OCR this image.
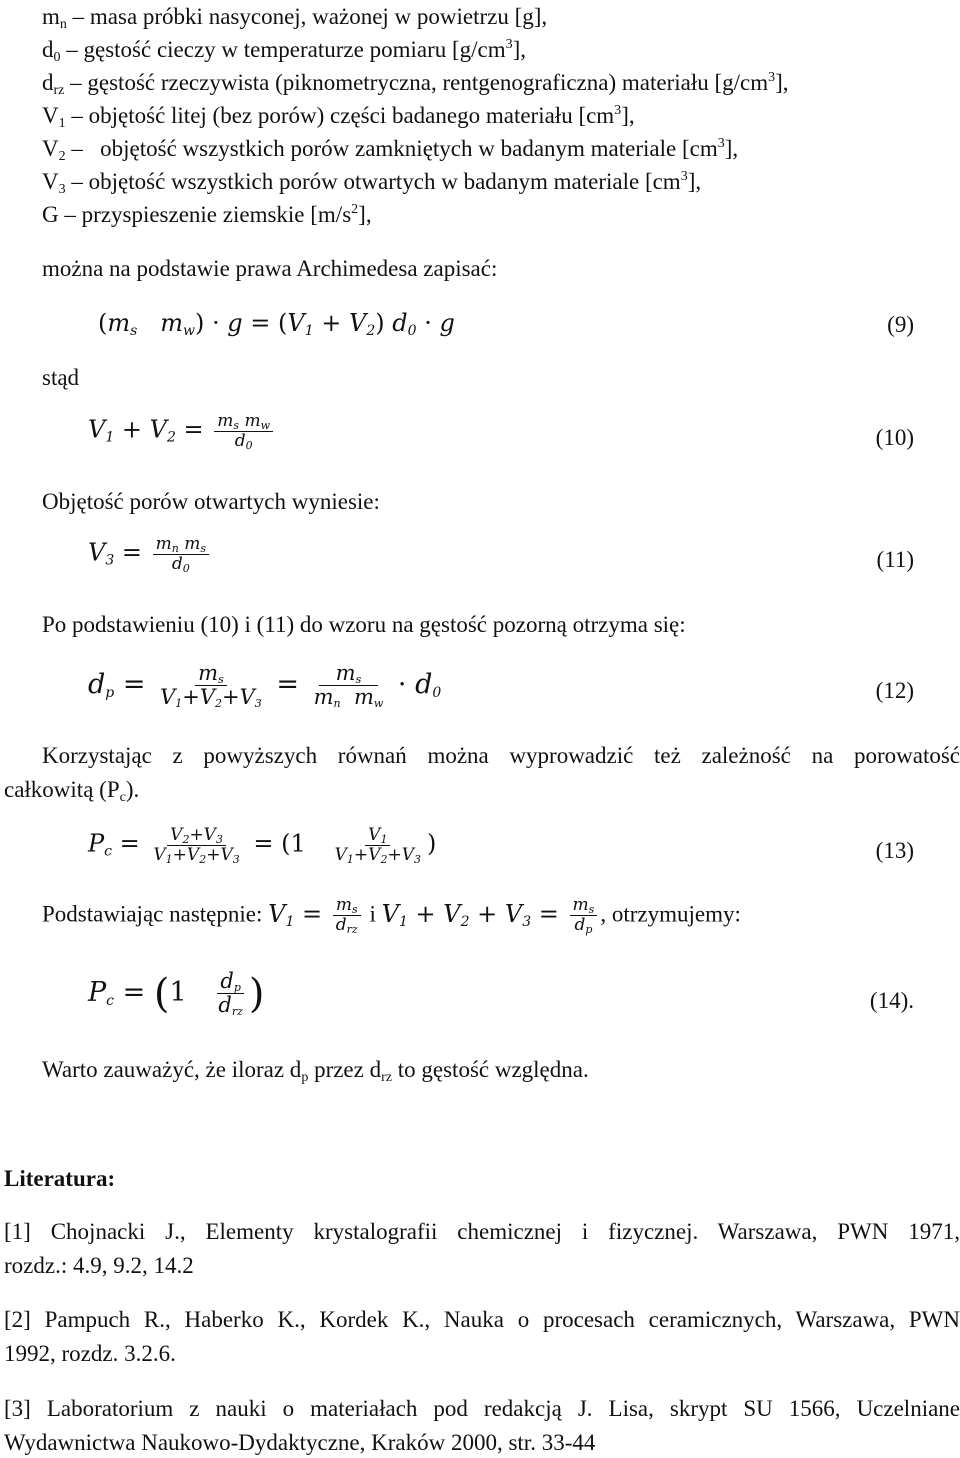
$m_n$ – masa próbki nasyconej, ważonej w powietrzu [g],
$d_0$ – gęstość cieczy w temperaturze pomiaru $[g/cm^3]$,
$d_{rz}$ – gęstość rzeczywista (piknometryczna, rentgenograficzna) materiału $[g/cm^3]$,
$V_1$ – objętość litej (bez porów) części badanego materiału $[cm^3]$,
$V_2$ – objętość wszystkich porów zamkniętych w badanym materiale $[cm^3]$,
$V_3$ – objętość wszystkich porów otwartych w badanym materiale $[cm^3]$,
G – przyspieszenie ziemskie $[m/s^2]$,
można na podstawie prawa Archimedesa zapisać:
($m_s$   $m_w) \cdot g = (V_1 + V_2)$ $d_0 \cdot g$	(9)
stąd
$V_1 + V_2 = \frac{m_s m_w}{d_0}$	(10)
Objętość porów otwartych wyniesie:
$V_3 = \frac{m_n m_s}{d_0}$	(11)
Po podstawieniu (10) i (11) do wzoru na gęstość pozorną otrzyma się:
$d_p = \frac{m_s}{V_1+V_2+V_3} = \frac{m_s}{m_n m_w} \cdot d_0$	(12)
Korzystając z powyższych równań można wyprowadzić też zależność na porowatość
całkowitą $(P_c)$.
$P_c = \frac{V_2+V_3}{V_1+V_2+V_3} = (1 \frac{V_1}{V_1+V_2+V_3}$ )	(13)
Podstawiając następnie: $V_1 = \frac{m_s}{d_{rz}}$ i $V_1 + V_2 + V_3 = \frac{m_s}{d_p}$ , otrzymujemy:
$P_c = (1 \frac{d_p}{d_{rz}}$ )	(14).
Warto zauważyć, że iloraz $d_p$ przez $d_{rz}$ to gęstość względna.
Literatura:
[1] Chojnacki J., Elementy krystalografii chemicznej i fizycznej. Warszawa, PWN 1971,
rozdz.: 4.9, 9.2, 14.2
[2] Pampuch R., Haberko K., Kordek K., Nauka o procesach ceramicznych, Warszawa, PWN
1992, rozdz. 3.2.6.
[3] Laboratorium z nauki o materiałach pod redakcją J. Lisa, skrypt SU 1566, Uczelniane
Wydawnictwa Naukowo-Dydaktyczne, Kraków 2000, str. 33-44
